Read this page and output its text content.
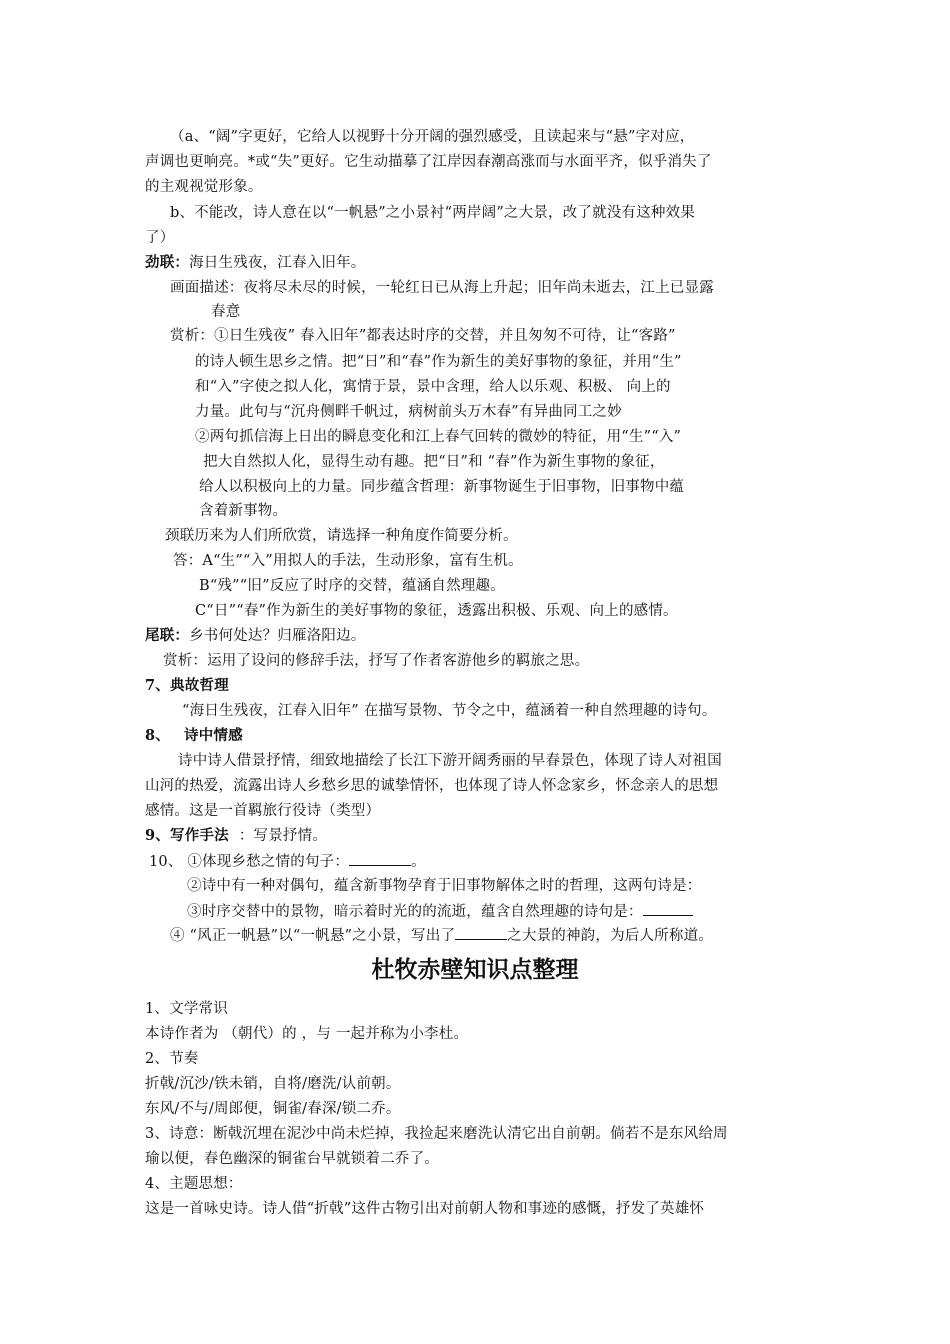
（a、“阔”字更好，它给人以视野十分开阔的强烈感受，且读起来与“悬”字对应，
声调也更响亮。*或“失”更好。它生动描摹了江岸因春潮高涨而与水面平齐，似乎消失了
的主观视觉形象。
b、不能改，诗人意在以“一帆悬”之小景衬“两岸阔”之大景，改了就没有这种效果
了）
劲联：海日生残夜，江春入旧年。
画面描述：夜将尽未尽的时候，一轮红日已从海上升起；旧年尚未逝去，江上已显露
春意
赏析：①日生残夜” 春入旧年”都表达时序的交替，并且匆匆不可待，让“客路”
的诗人顿生思乡之情。把“日”和“春”作为新生的美好事物的象征，并用“生”
和“入”字使之拟人化，寓情于景，景中含理，给人以乐观、积极、 向上的
力量。此句与“沉舟侧畔千帆过，病树前头万木春”有异曲同工之妙
②两句抓信海上日出的瞬息变化和江上春气回转的微妙的特征，用“生”“入”
把大自然拟人化，显得生动有趣。把“日”和 “春”作为新生事物的象征，
给人以积极向上的力量。同步蕴含哲理：新事物诞生于旧事物，旧事物中蕴
含着新事物。
颈联历来为人们所欣赏，请选择一种角度作简要分析。
答：A“生”“入”用拟人的手法，生动形象，富有生机。
B“残”“旧”反应了时序的交替，蕴涵自然理趣。
C“日”“春”作为新生的美好事物的象征，透露出积极、乐观、向上的感情。
尾联：乡书何处达？归雁洛阳边。
赏析：运用了设问的修辞手法，抒写了作者客游他乡的羁旅之思。
7、典故哲理
“海日生残夜，江春入旧年” 在描写景物、节令之中，蕴涵着一种自然理趣的诗句。
8、 诗中情感
诗中诗人借景抒情，细致地描绘了长江下游开阔秀丽的早春景色，体现了诗人对祖国
山河的热爱，流露出诗人乡愁乡思的诚挚情怀，也体现了诗人怀念家乡，怀念亲人的思想
感情。这是一首羁旅行役诗（类型）
9、写作手法 ：写景抒情。
10、 ①体现乡愁之情的句子：	。
②诗中有一种对偶句，蕴含新事物孕育于旧事物解体之时的哲理，这两句诗是：
③时序交替中的景物，暗示着时光的的流逝，蕴含自然理趣的诗句是：
④ “风正一帆悬”以“一帆悬”之小景，写出了	之大景的神韵，为后人所称道。
杜牧赤壁知识点整理
1、文学常识
本诗作者为 （朝代）的 ，与 一起并称为小李杜。
2、节奏
折戟/沉沙/铁未销，自将/磨洗/认前朝。
东风/不与/周郎便，铜雀/春深/锁二乔。
3、诗意：断戟沉埋在泥沙中尚未烂掉，我捡起来磨洗认清它出自前朝。倘若不是东风给周
瑜以便，春色幽深的铜雀台早就锁着二乔了。
4、主题思想：
这是一首咏史诗。诗人借“折戟”这件古物引出对前朝人物和事迹的感慨，抒发了英雄怀
